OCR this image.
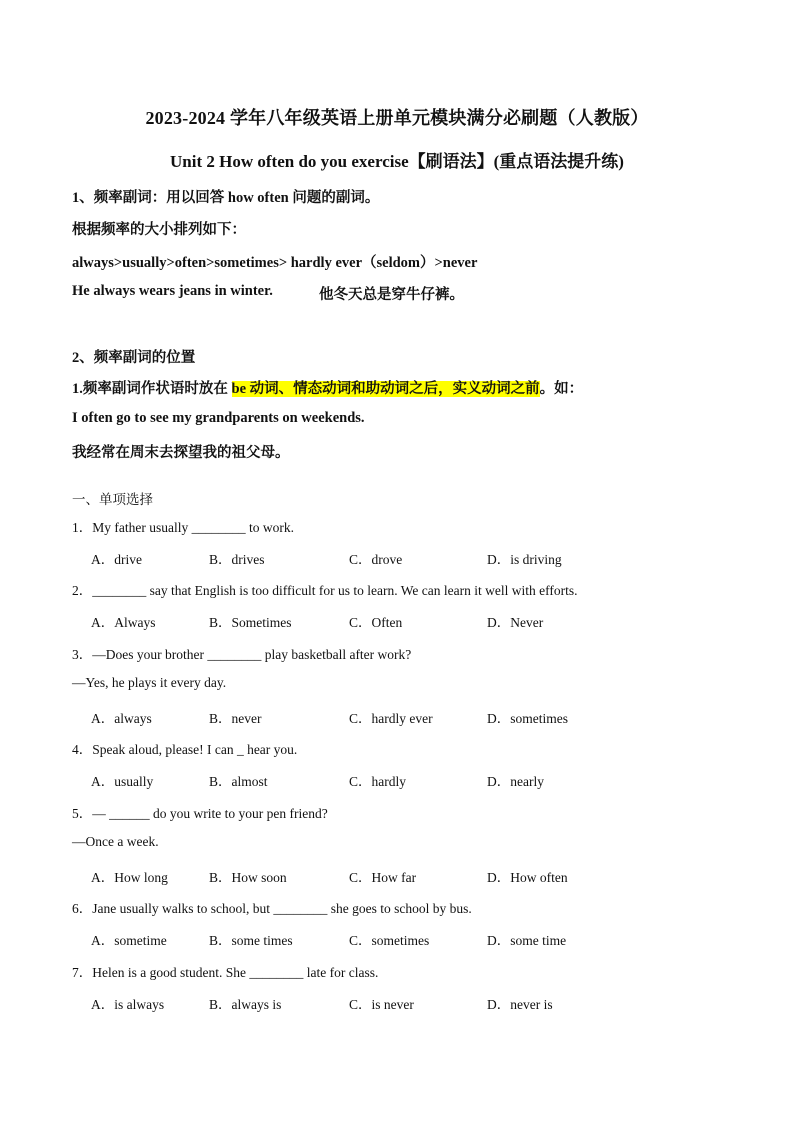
2023-2024 学年八年级英语上册单元模块满分必刷题（人教版）
Unit 2 How often do you exercise【刷语法】(重点语法提升练)
1、频率副词：用以回答 how often 问题的副词。
根据频率的大小排列如下：
always>usually>often>sometimes> hardly ever（seldom）>never
He always wears jeans in winter.	他冬天总是穿牛仔裤。
2、频率副词的位置
1.频率副词作状语时放在 be 动词、情态动词和助动词之后，实义动词之前。如：
I often go to see my grandparents on weekends.
我经常在周末去探望我的祖父母。
一、单项选择
1．My father usually ________ to work.
A．drive	B．drives	C．drove	D．is driving
2．________ say that English is too difficult for us to learn. We can learn it well with efforts.
A．Always	B．Sometimes	C．Often	D．Never
3．—Does your brother ________ play basketball after work?
—Yes, he plays it every day.
A．always	B．never	C．hardly ever	D．sometimes
4．Speak aloud, please! I can _ hear you.
A．usually	B．almost	C．hardly	D．nearly
5．— ______ do you write to your pen friend?
—Once a week.
A．How long	B．How soon	C．How far	D．How often
6．Jane usually walks to school, but ________ she goes to school by bus.
A．sometime	B．some times	C．sometimes	D．some time
7．Helen is a good student. She ________ late for class.
A．is always	B．always is	C．is never	D．never is
